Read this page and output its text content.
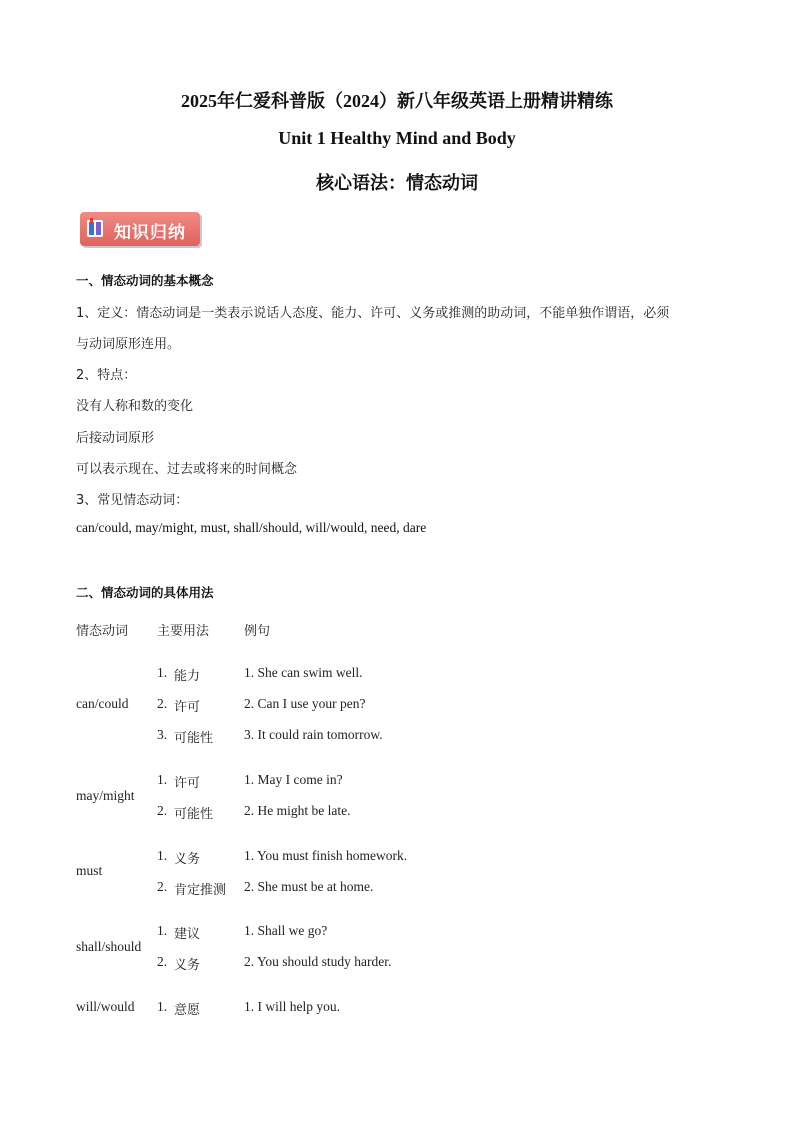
2025年仁爱科普版（2024）新八年级英语上册精讲精练
Unit 1 Healthy Mind and Body
核心语法：情态动词
知识归纳
一、情态动词的基本概念
1、定义：情态动词是一类表示说话人态度、能力、许可、义务或推测的助动词，不能单独作谓语，必须
与动词原形连用。
2、特点：
没有人称和数的变化
后接动词原形
可以表示现在、过去或将来的时间概念
3、常见情态动词：
can/could, may/might, must, shall/should, will/would, need, dare
二、情态动词的具体用法
情态动词 主要用法	例句
can/could
1. 能力	1. She can swim well.
2. 许可	2. Can I use your pen?
3. 可能性 3. It could rain tomorrow.
may/might
1. 许可	1. May I come in?
2. 可能性 2. He might be late.
must
1. 义务	1. You must finish homework.
2. 肯定推测 2. She must be at home.
shall/should
1. 建议	1. Shall we go?
2. 义务	2. You should study harder.
will/would 1. 意愿	1. I will help you.
